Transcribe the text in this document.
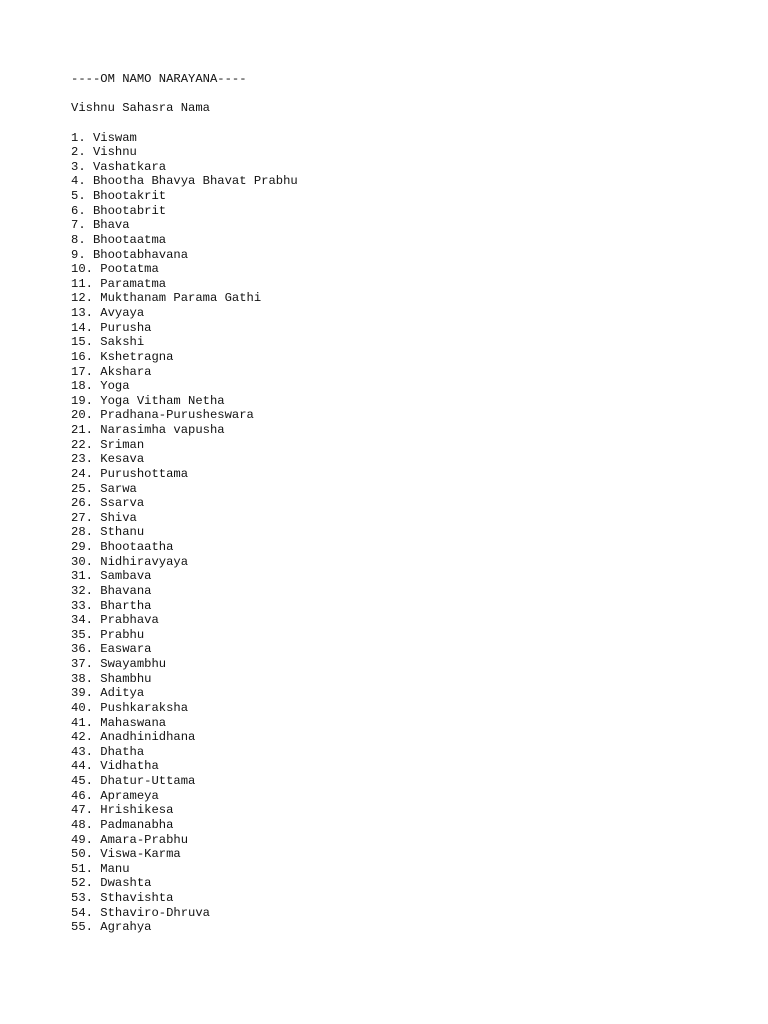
----OM NAMO NARAYANA----
Vishnu Sahasra Nama
1. Viswam
2. Vishnu
3. Vashatkara
4. Bhootha Bhavya Bhavat Prabhu
5. Bhootakrit
6. Bhootabrit
7. Bhava
8. Bhootaatma
9. Bhootabhavana
10. Pootatma
11. Paramatma
12. Mukthanam Parama Gathi
13. Avyaya
14. Purusha
15. Sakshi
16. Kshetragna
17. Akshara
18. Yoga
19. Yoga Vitham Netha
20. Pradhana-Purusheswara
21. Narasimha vapusha
22. Sriman
23. Kesava
24. Purushottama
25. Sarwa
26. Ssarva
27. Shiva
28. Sthanu
29. Bhootaatha
30. Nidhiravyaya
31. Sambava
32. Bhavana
33. Bhartha
34. Prabhava
35. Prabhu
36. Easwara
37. Swayambhu
38. Shambhu
39. Aditya
40. Pushkaraksha
41. Mahaswana
42. Anadhinidhana
43. Dhatha
44. Vidhatha
45. Dhatur-Uttama
46. Aprameya
47. Hrishikesa
48. Padmanabha
49. Amara-Prabhu
50. Viswa-Karma
51. Manu
52. Dwashta
53. Sthavishta
54. Sthaviro-Dhruva
55. Agrahya
